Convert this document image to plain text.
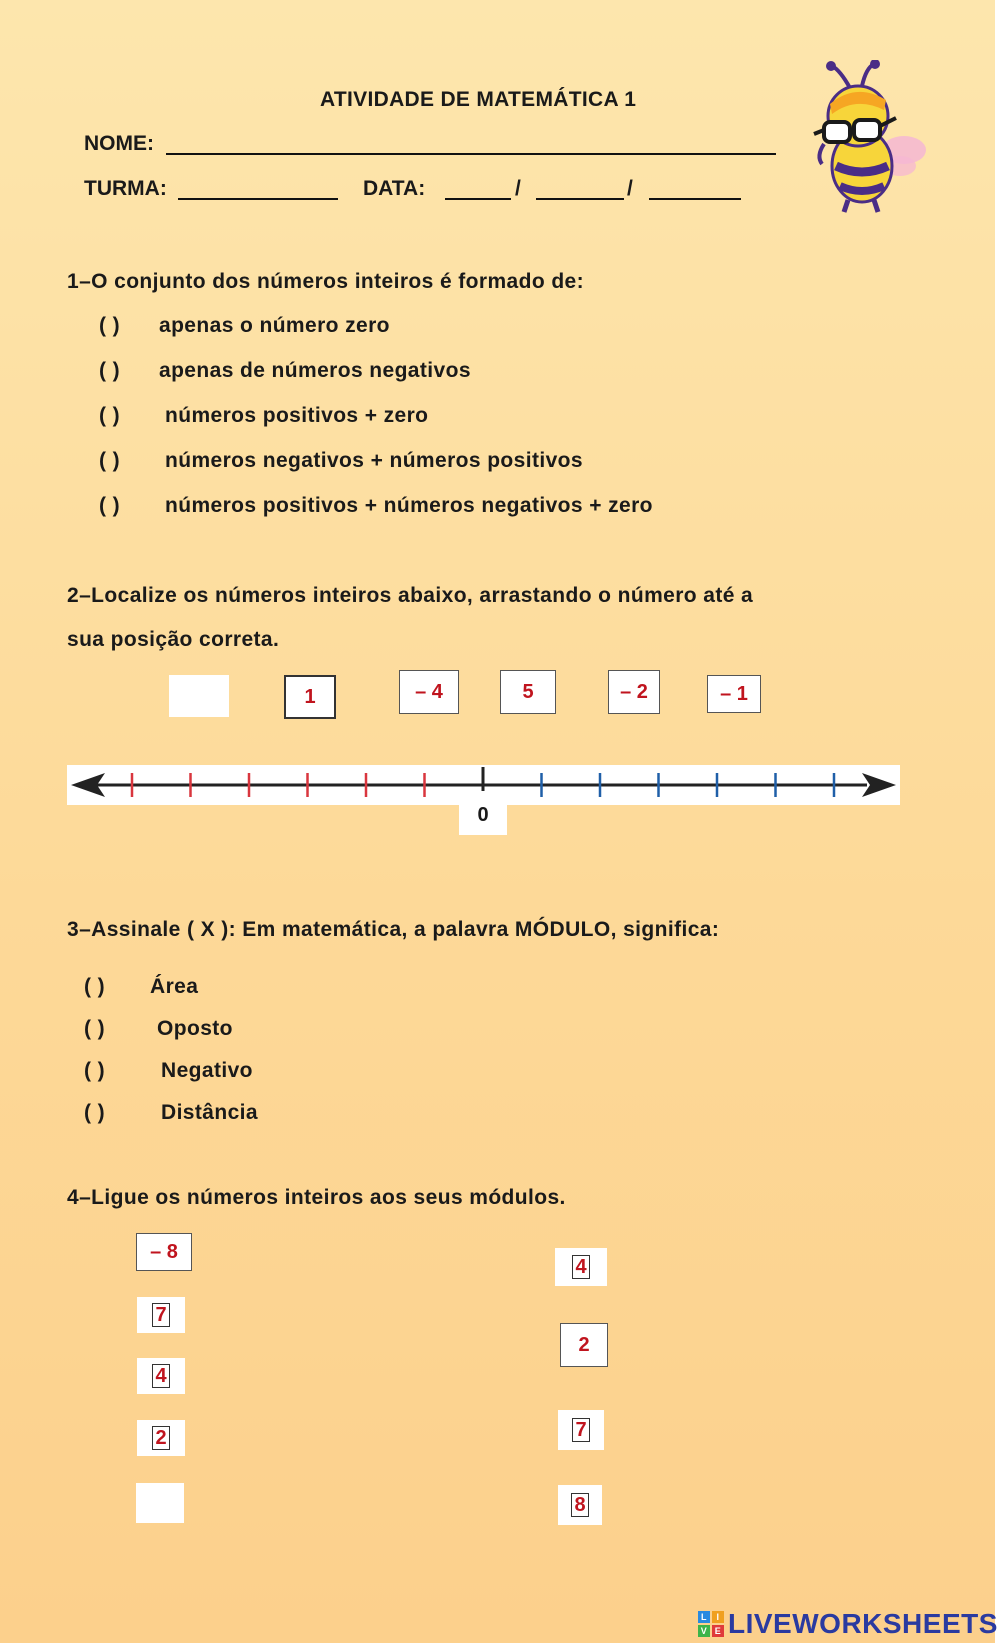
ATIVIDADE DE MATEMÁTICA 1
NOME:
TURMA:	DATA:	/	/
1–O conjunto dos números inteiros é formado de:
( ) apenas o número zero
( ) apenas de números negativos
( ) números positivos + zero
( ) números negativos + números positivos
( ) números positivos + números negativos + zero
2–Localize os números inteiros abaixo, arrastando o número até a
sua posição correta.
1	– 4	5	– 2	– 1
0
3–Assinale ( X ): Em matemática, a palavra MÓDULO, significa:
( ) Área
( ) Oposto
( )	Negativo
( )	Distância
4–Ligue os números inteiros aos seus módulos.
– 8
7
4
2
4
2
7
8
L	I
V E LIVEWORKSHEETS
